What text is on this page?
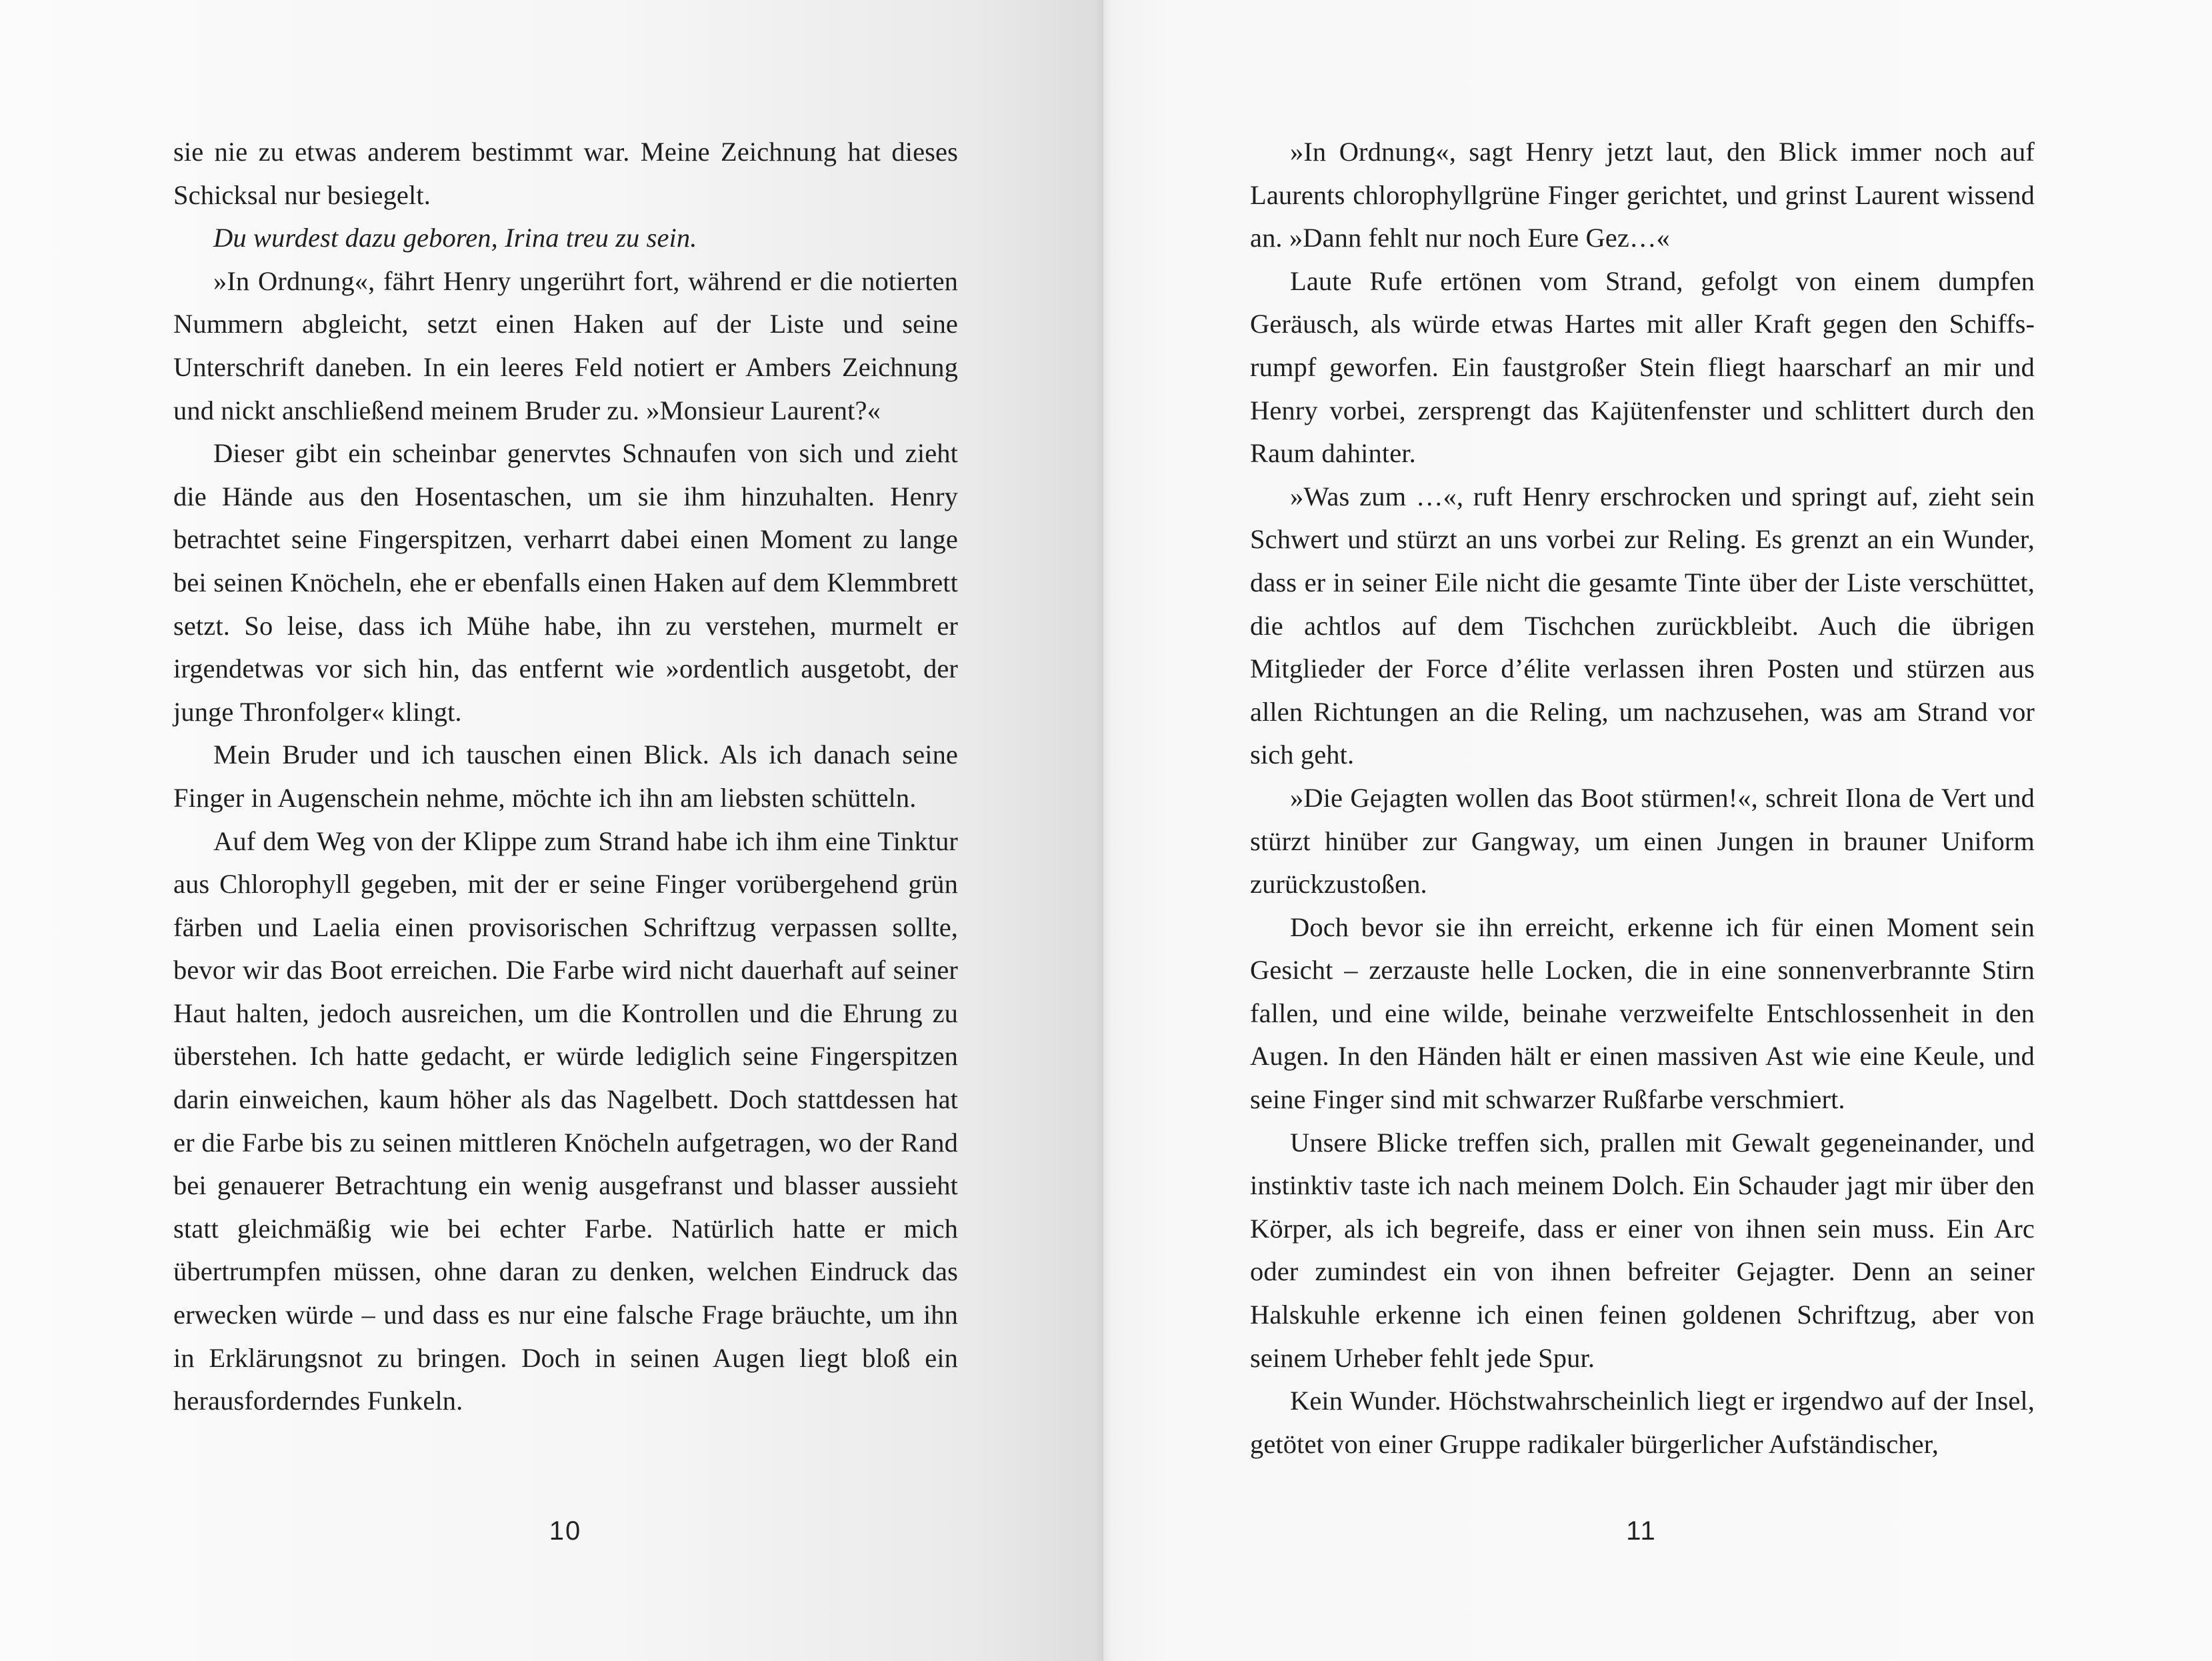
sie nie zu etwas anderem bestimmt war. Meine Zeichnung hat dieses Schicksal nur besiegelt.

Du wurdest dazu geboren, Irina treu zu sein.

»In Ordnung«, fährt Henry ungerührt fort, während er die notierten Nummern abgleicht, setzt einen Haken auf der Liste und seine Unterschrift daneben. In ein leeres Feld notiert er Ambers Zeichnung und nickt anschließend meinem Bruder zu. »Monsieur Laurent?«

Dieser gibt ein scheinbar genervtes Schnaufen von sich und zieht die Hände aus den Hosentaschen, um sie ihm hinzuhalten. Henry betrachtet seine Fingerspitzen, verharrt dabei einen Moment zu lange bei seinen Knöcheln, ehe er ebenfalls einen Haken auf dem Klemmbrett setzt. So leise, dass ich Mühe habe, ihn zu verstehen, murmelt er irgendetwas vor sich hin, das entfernt wie »ordentlich ausgetobt, der junge Thronfolger« klingt.

Mein Bruder und ich tauschen einen Blick. Als ich danach seine Finger in Augenschein nehme, möchte ich ihn am liebsten schütteln.

Auf dem Weg von der Klippe zum Strand habe ich ihm eine Tinktur aus Chlorophyll gegeben, mit der er seine Finger vorübergehend grün färben und Laelia einen provisorischen Schriftzug verpassen sollte, bevor wir das Boot erreichen. Die Farbe wird nicht dauerhaft auf seiner Haut halten, jedoch ausreichen, um die Kontrollen und die Ehrung zu überstehen. Ich hatte gedacht, er würde lediglich seine Fingerspitzen darin einweichen, kaum höher als das Nagelbett. Doch stattdessen hat er die Farbe bis zu seinen mittleren Knöcheln aufgetragen, wo der Rand bei genauerer Betrachtung ein wenig ausgefranst und blasser aussieht statt gleichmäßig wie bei echter Farbe. Natürlich hatte er mich übertrumpfen müssen, ohne daran zu denken, welchen Eindruck das erwecken würde – und dass es nur eine falsche Frage bräuchte, um ihn in Erklärungsnot zu bringen. Doch in seinen Augen liegt bloß ein herausforderndes Funkeln.

10

»In Ordnung«, sagt Henry jetzt laut, den Blick immer noch auf Laurents chlorophyllgrüne Finger gerichtet, und grinst Laurent wissend an. »Dann fehlt nur noch Eure Gez…«

Laute Rufe ertönen vom Strand, gefolgt von einem dumpfen Geräusch, als würde etwas Hartes mit aller Kraft gegen den Schiffsrumpf geworfen. Ein faustgroßer Stein fliegt haarscharf an mir und Henry vorbei, zersprengt das Kajütenfenster und schlittert durch den Raum dahinter.

»Was zum …«, ruft Henry erschrocken und springt auf, zieht sein Schwert und stürzt an uns vorbei zur Reling. Es grenzt an ein Wunder, dass er in seiner Eile nicht die gesamte Tinte über der Liste verschüttet, die achtlos auf dem Tischchen zurückbleibt. Auch die übrigen Mitglieder der Force d’élite verlassen ihren Posten und stürzen aus allen Richtungen an die Reling, um nachzusehen, was am Strand vor sich geht.

»Die Gejagten wollen das Boot stürmen!«, schreit Ilona de Vert und stürzt hinüber zur Gangway, um einen Jungen in brauner Uniform zurückzustoßen.

Doch bevor sie ihn erreicht, erkenne ich für einen Moment sein Gesicht – zerzauste helle Locken, die in eine sonnenverbrannte Stirn fallen, und eine wilde, beinahe verzweifelte Entschlossenheit in den Augen. In den Händen hält er einen massiven Ast wie eine Keule, und seine Finger sind mit schwarzer Rußfarbe verschmiert.

Unsere Blicke treffen sich, prallen mit Gewalt gegeneinander, und instinktiv taste ich nach meinem Dolch. Ein Schauder jagt mir über den Körper, als ich begreife, dass er einer von ihnen sein muss. Ein Arc oder zumindest ein von ihnen befreiter Gejagter. Denn an seiner Halskuhle erkenne ich einen feinen goldenen Schriftzug, aber von seinem Urheber fehlt jede Spur.

Kein Wunder. Höchstwahrscheinlich liegt er irgendwo auf der Insel, getötet von einer Gruppe radikaler bürgerlicher Aufständischer,

11
